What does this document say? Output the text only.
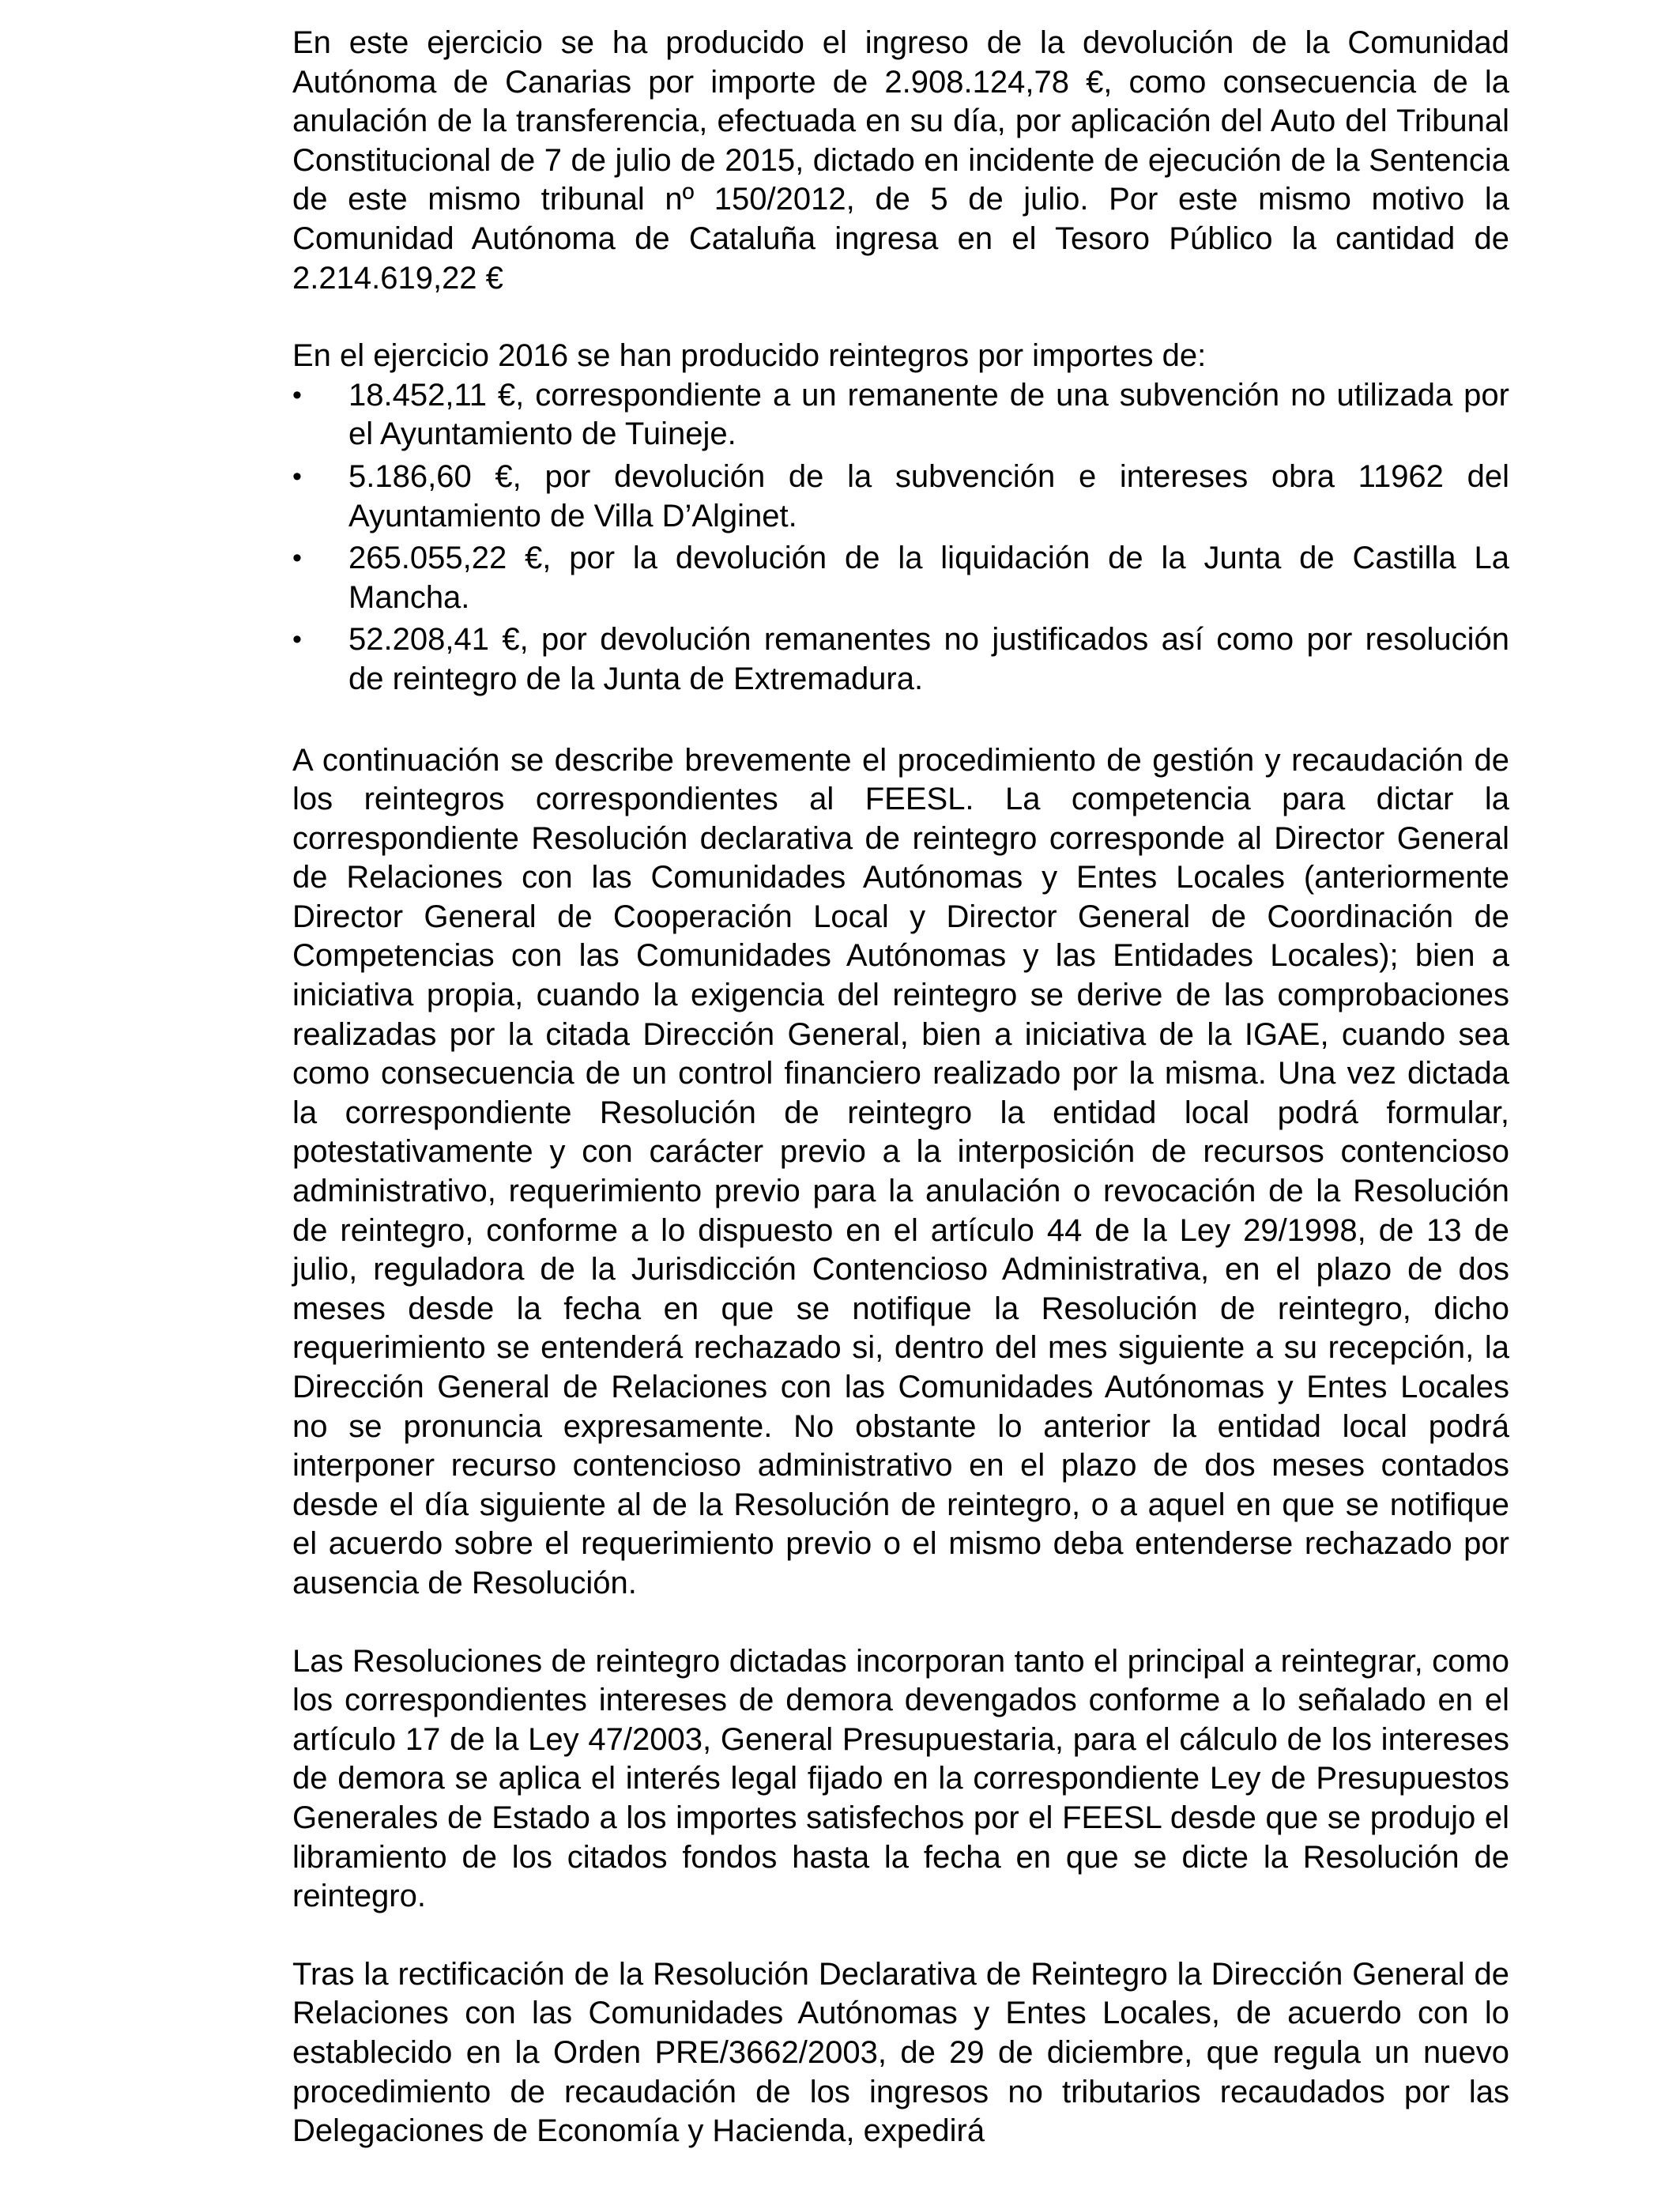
En este ejercicio se ha producido el ingreso de la devolución de la Comunidad Autónoma de Canarias por importe de 2.908.124,78 €, como consecuencia de la anulación de la transferencia, efectuada en su día, por aplicación del Auto del Tribunal Constitucional de 7 de julio de 2015, dictado en incidente de ejecución de la Sentencia de este mismo tribunal nº 150/2012, de 5 de julio. Por este mismo motivo la Comunidad Autónoma de Cataluña ingresa en el Tesoro Público la cantidad de 2.214.619,22 €

En el ejercicio 2016 se han producido reintegros por importes de:

• 18.452,11 €, correspondiente a un remanente de una subvención no utilizada por el Ayuntamiento de Tuineje.
• 5.186,60 €, por devolución de la subvención e intereses obra 11962 del Ayuntamiento de Villa D’Alginet.
• 265.055,22 €, por la devolución de la liquidación de la Junta de Castilla La Mancha.
• 52.208,41 €, por devolución remanentes no justificados así como por resolución de reintegro de la Junta de Extremadura.

A continuación se describe brevemente el procedimiento de gestión y recaudación de los reintegros correspondientes al FEESL. La competencia para dictar la correspondiente Resolución declarativa de reintegro corresponde al Director General de Relaciones con las Comunidades Autónomas y Entes Locales (anteriormente Director General de Cooperación Local y Director General de Coordinación de Competencias con las Comunidades Autónomas y las Entidades Locales); bien a iniciativa propia, cuando la exigencia del reintegro se derive de las comprobaciones realizadas por la citada Dirección General, bien a iniciativa de la IGAE, cuando sea como consecuencia de un control financiero realizado por la misma. Una vez dictada la correspondiente Resolución de reintegro la entidad local podrá formular, potestativamente y con carácter previo a la interposición de recursos contencioso administrativo, requerimiento previo para la anulación o revocación de la Resolución de reintegro, conforme a lo dispuesto en el artículo 44 de la Ley 29/1998, de 13 de julio, reguladora de la Jurisdicción Contencioso Administrativa, en el plazo de dos meses desde la fecha en que se notifique la Resolución de reintegro, dicho requerimiento se entenderá rechazado si, dentro del mes siguiente a su recepción, la Dirección General de Relaciones con las Comunidades Autónomas y Entes Locales no se pronuncia expresamente. No obstante lo anterior la entidad local podrá interponer recurso contencioso administrativo en el plazo de dos meses contados desde el día siguiente al de la Resolución de reintegro, o a aquel en que se notifique el acuerdo sobre el requerimiento previo o el mismo deba entenderse rechazado por ausencia de Resolución.

Las Resoluciones de reintegro dictadas incorporan tanto el principal a reintegrar, como los correspondientes intereses de demora devengados conforme a lo señalado en el artículo 17 de la Ley 47/2003, General Presupuestaria, para el cálculo de los intereses de demora se aplica el interés legal fijado en la correspondiente Ley de Presupuestos Generales de Estado a los importes satisfechos por el FEESL desde que se produjo el libramiento de los citados fondos hasta la fecha en que se dicte la Resolución de reintegro.

Tras la rectificación de la Resolución Declarativa de Reintegro la Dirección General de Relaciones con las Comunidades Autónomas y Entes Locales, de acuerdo con lo establecido en la Orden PRE/3662/2003, de 29 de diciembre, que regula un nuevo procedimiento de recaudación de los ingresos no tributarios recaudados por las Delegaciones de Economía y Hacienda, expedirá
